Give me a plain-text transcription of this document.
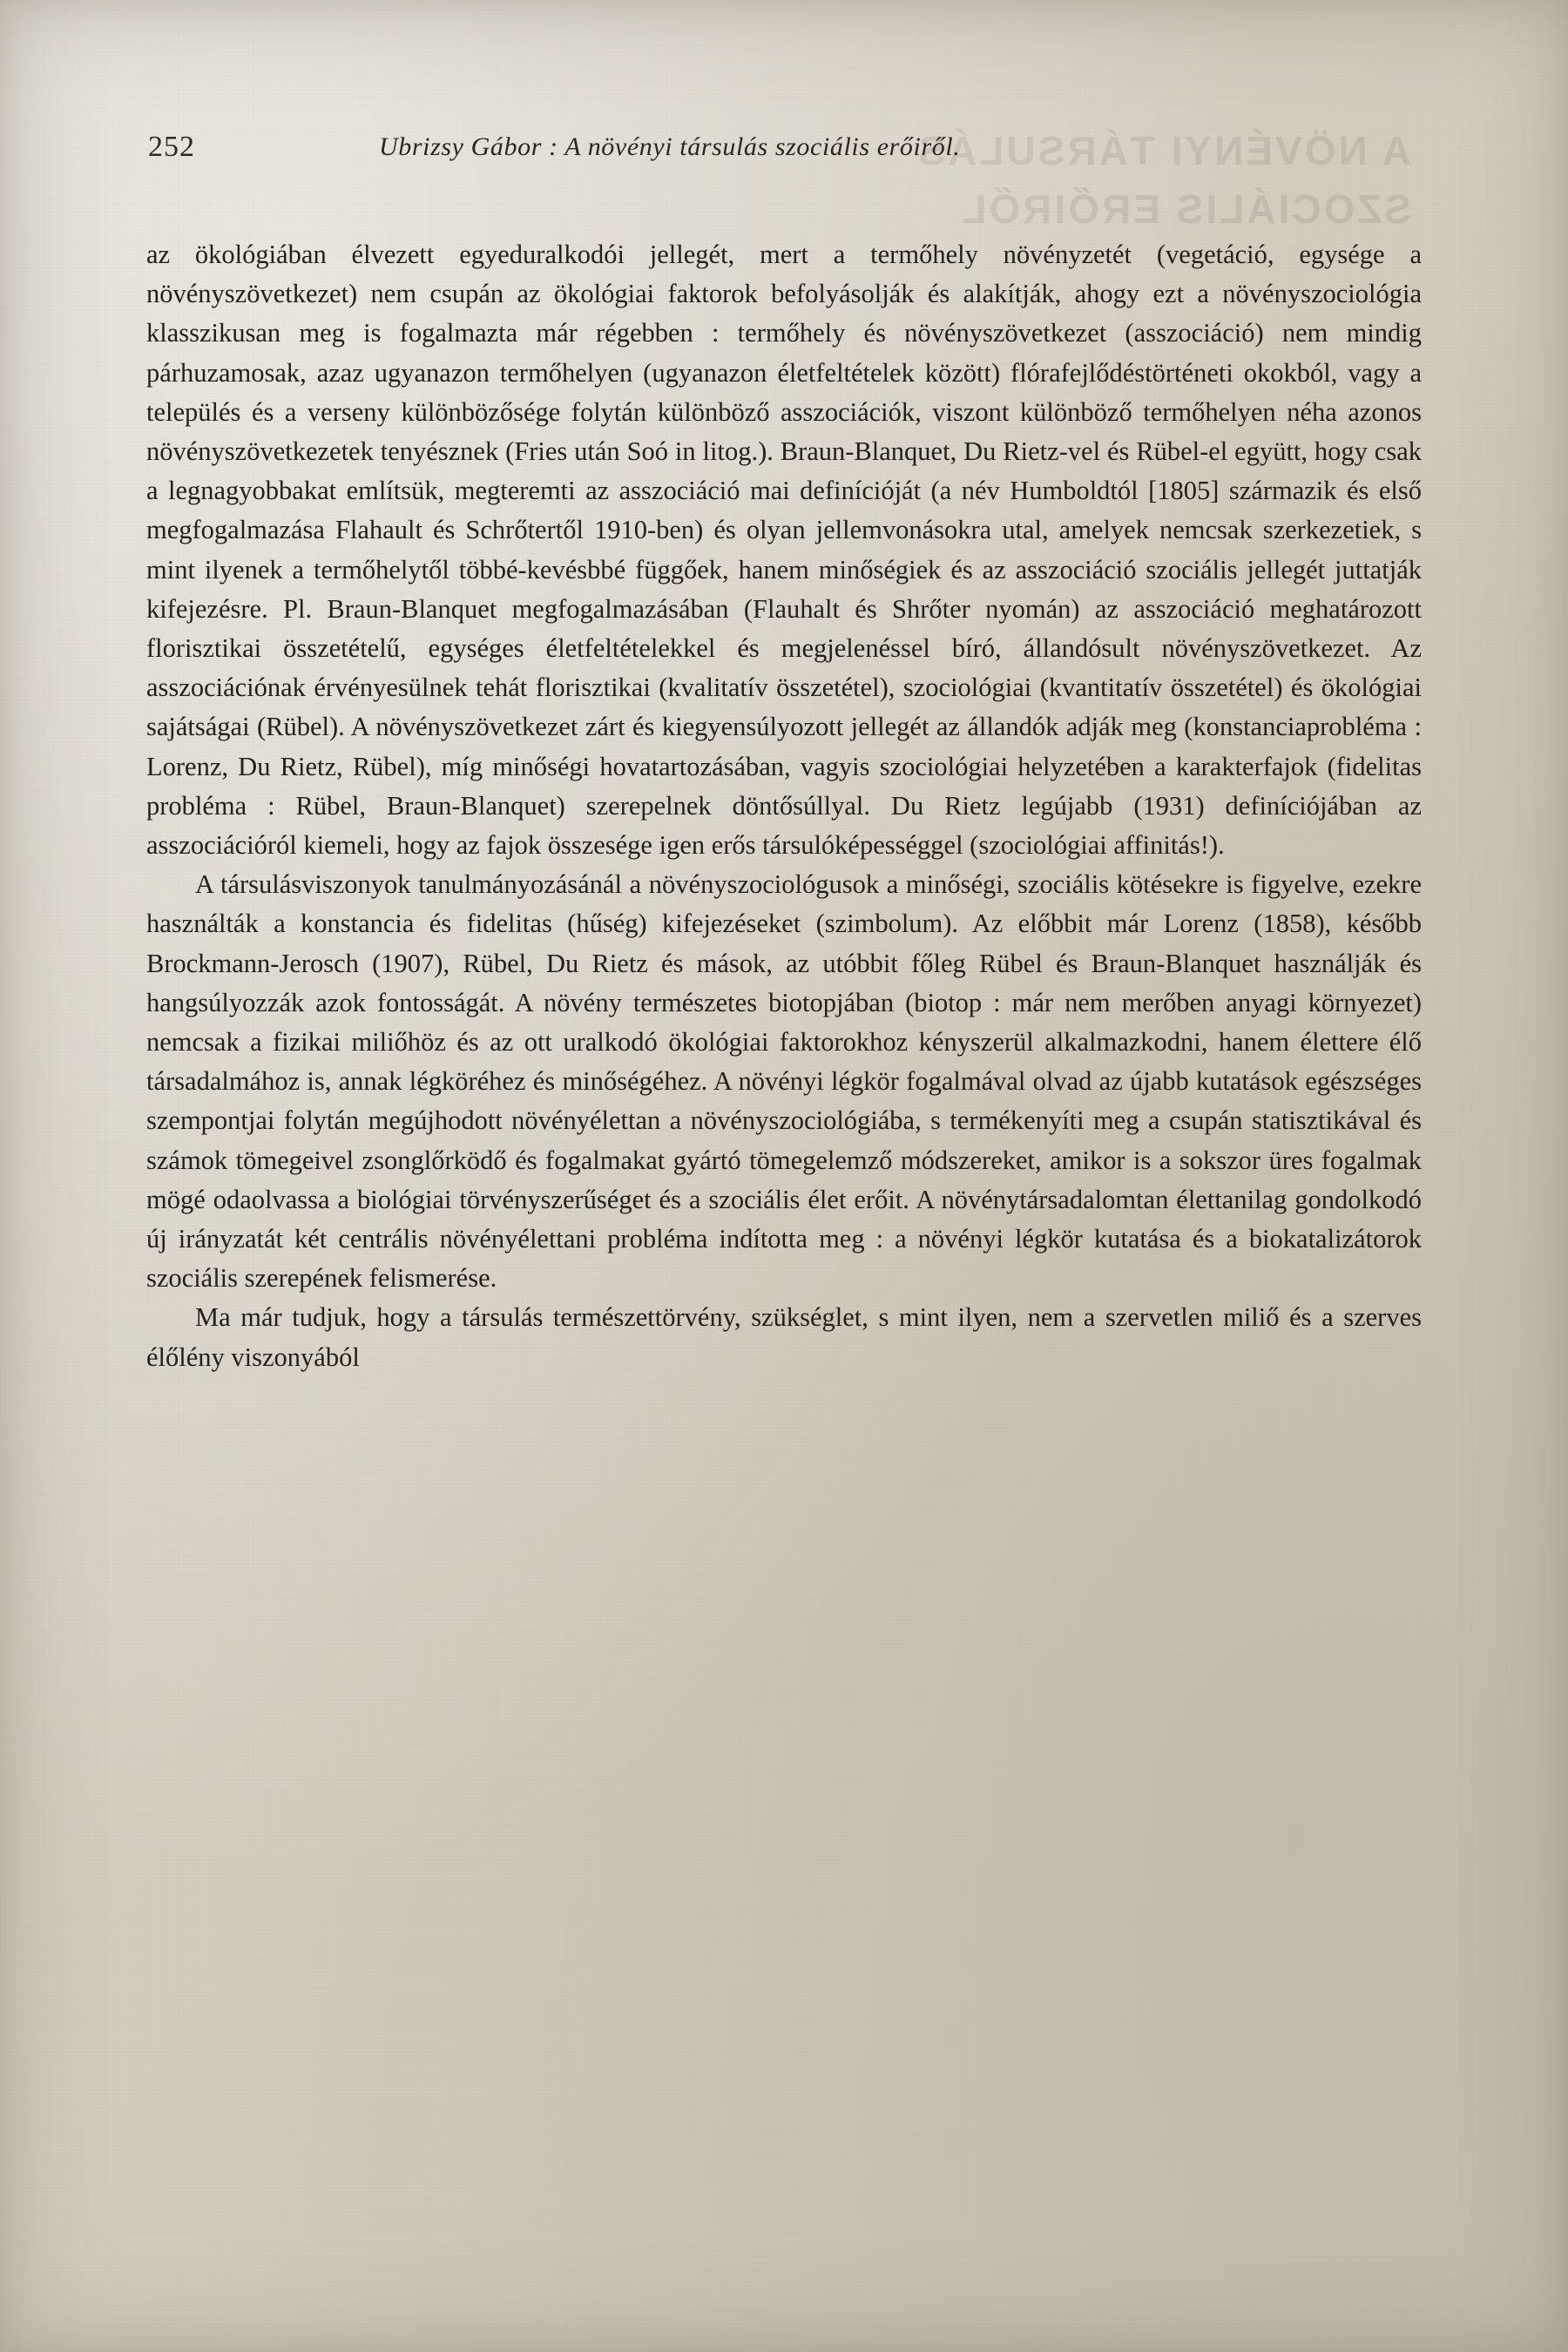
A NÖVÉNYI TÁRSULÁS SZOCIÁLIS ERŐIRŐL
252	Ubrizsy Gábor : A növényi társulás szociális erőiről.

az ökológiában élvezett egyeduralkodói jellegét, mert a termőhely növényzetét (vegetáció, egysége a növényszövetkezet) nem csupán az ökológiai faktorok befolyásolják és alakítják, ahogy ezt a növényszociológia klasszikusan meg is fogalmazta már régebben : termőhely és növényszövetkezet (asszociáció) nem mindig párhuzamosak, azaz ugyanazon termőhelyen (ugyanazon életfeltételek között) flórafejlődéstörténeti okokból, vagy a település és a verseny különbözősége folytán különböző asszociációk, viszont különböző termőhelyen néha azonos növényszövetkezetek tenyésznek (Fries után Soó in litog.). Braun-Blanquet, Du Rietz-vel és Rübel-el együtt, hogy csak a legnagyobbakat említsük, megteremti az asszociáció mai definícióját (a név Humboldtól [1805] származik és első megfogalmazása Flahault és Schrőtertől 1910-ben) és olyan jellemvonásokra utal, amelyek nemcsak szerkezetiek, s mint ilyenek a termőhelytől többé-kevésbbé függőek, hanem minőségiek és az asszociáció szociális jellegét juttatják kifejezésre. Pl. Braun-Blanquet megfogalmazásában (Flauhalt és Shrőter nyomán) az asszociáció meghatározott florisztikai összetételű, egységes életfeltételekkel és megjelenéssel bíró, állandósult növényszövetkezet. Az asszociációnak érvényesülnek tehát florisztikai (kvalitatív összetétel), szociológiai (kvantitatív összetétel) és ökológiai sajátságai (Rübel). A növényszövetkezet zárt és kiegyensúlyozott jellegét az állandók adják meg (konstanciaprobléma : Lorenz, Du Rietz, Rübel), míg minőségi hovatartozásában, vagyis szociológiai helyzetében a karakterfajok (fidelitas probléma : Rübel, Braun-Blanquet) szerepelnek döntősúllyal. Du Rietz legújabb (1931) definíciójában az asszociációról kiemeli, hogy az fajok összesége igen erős társulóképességgel (szociológiai affinitás!).

A társulásviszonyok tanulmányozásánál a növényszociológusok a minőségi, szociális kötésekre is figyelve, ezekre használták a konstancia és fidelitas (hűség) kifejezéseket (szimbolum). Az előbbit már Lorenz (1858), később Brockmann-Jerosch (1907), Rübel, Du Rietz és mások, az utóbbit főleg Rübel és Braun-Blanquet használják és hangsúlyozzák azok fontosságát. A növény természetes biotopjában (biotop : már nem merőben anyagi környezet) nemcsak a fizikai miliőhöz és az ott uralkodó ökológiai faktorokhoz kényszerül alkalmazkodni, hanem élettere élő társadalmához is, annak légköréhez és minőségéhez. A növényi légkör fogalmával olvad az újabb kutatások egészséges szempontjai folytán megújhodott növényélettan a növényszociológiába, s termékenyíti meg a csupán statisztikával és számok tömegeivel zsonglőrködő és fogalmakat gyártó tömegelemző módszereket, amikor is a sokszor üres fogalmak mögé odaolvassa a biológiai törvényszerűséget és a szociális élet erőit. A növénytársadalomtan élettanilag gondolkodó új irányzatát két centrális növényélettani probléma indította meg : a növényi légkör kutatása és a biokatalizátorok szociális szerepének felismerése.

Ma már tudjuk, hogy a társulás természettörvény, szükséglet, s mint ilyen, nem a szervetlen miliő és a szerves élőlény viszonyából
